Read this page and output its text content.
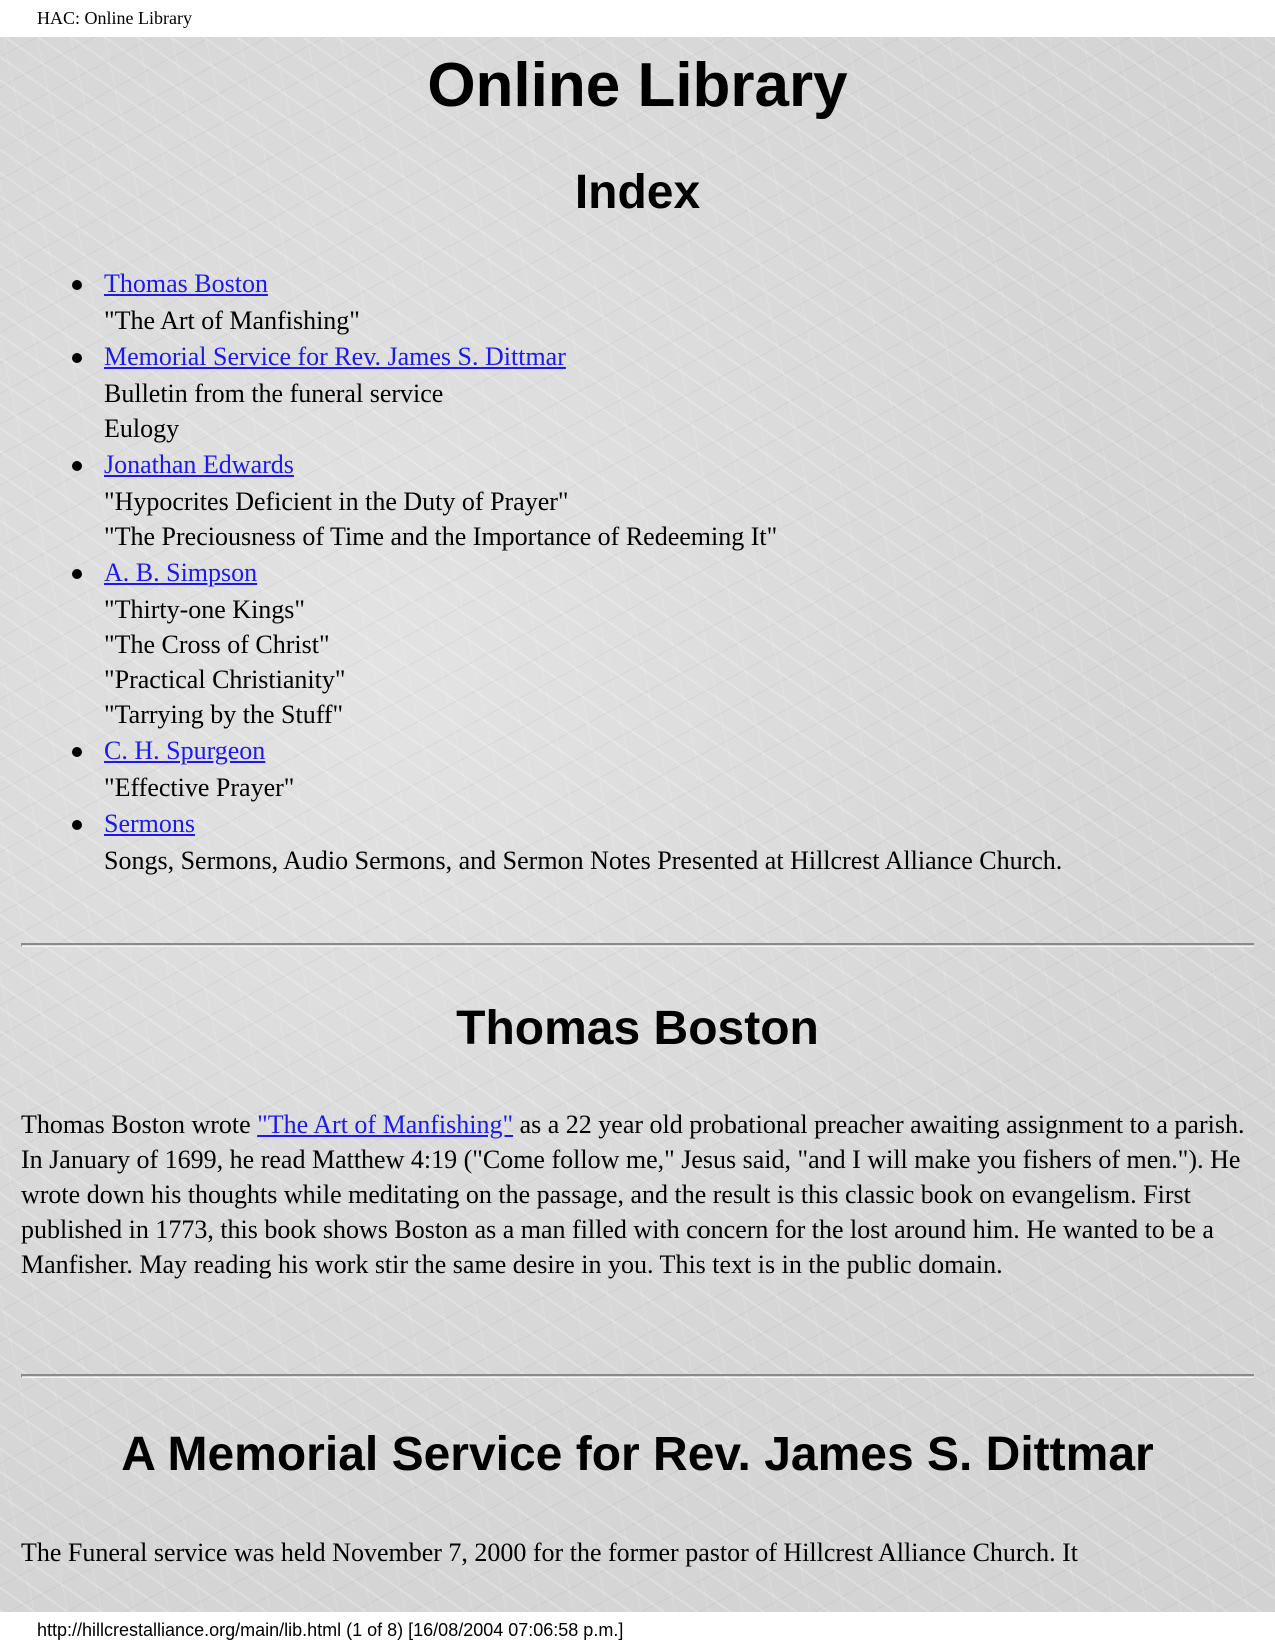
HAC: Online Library
Online Library
Index
Thomas Boston
"The Art of Manfishing"
Memorial Service for Rev. James S. Dittmar
Bulletin from the funeral service
Eulogy
Jonathan Edwards
"Hypocrites Deficient in the Duty of Prayer"
"The Preciousness of Time and the Importance of Redeeming It"
A. B. Simpson
"Thirty-one Kings"
"The Cross of Christ"
"Practical Christianity"
"Tarrying by the Stuff"
C. H. Spurgeon
"Effective Prayer"
Sermons
Songs, Sermons, Audio Sermons, and Sermon Notes Presented at Hillcrest Alliance Church.
Thomas Boston

Thomas Boston wrote "The Art of Manfishing" as a 22 year old probational preacher awaiting assignment to a parish. In January of 1699, he read Matthew 4:19 ("Come follow me," Jesus said, "and I will make you fishers of men."). He wrote down his thoughts while meditating on the passage, and the result is this classic book on evangelism. First published in 1773, this book shows Boston as a man filled with concern for the lost around him. He wanted to be a Manfisher. May reading his work stir the same desire in you. This text is in the public domain.

A Memorial Service for Rev. James S. Dittmar

The Funeral service was held November 7, 2000 for the former pastor of Hillcrest Alliance Church. It

http://hillcrestalliance.org/main/lib.html (1 of 8) [16/08/2004 07:06:58 p.m.]
